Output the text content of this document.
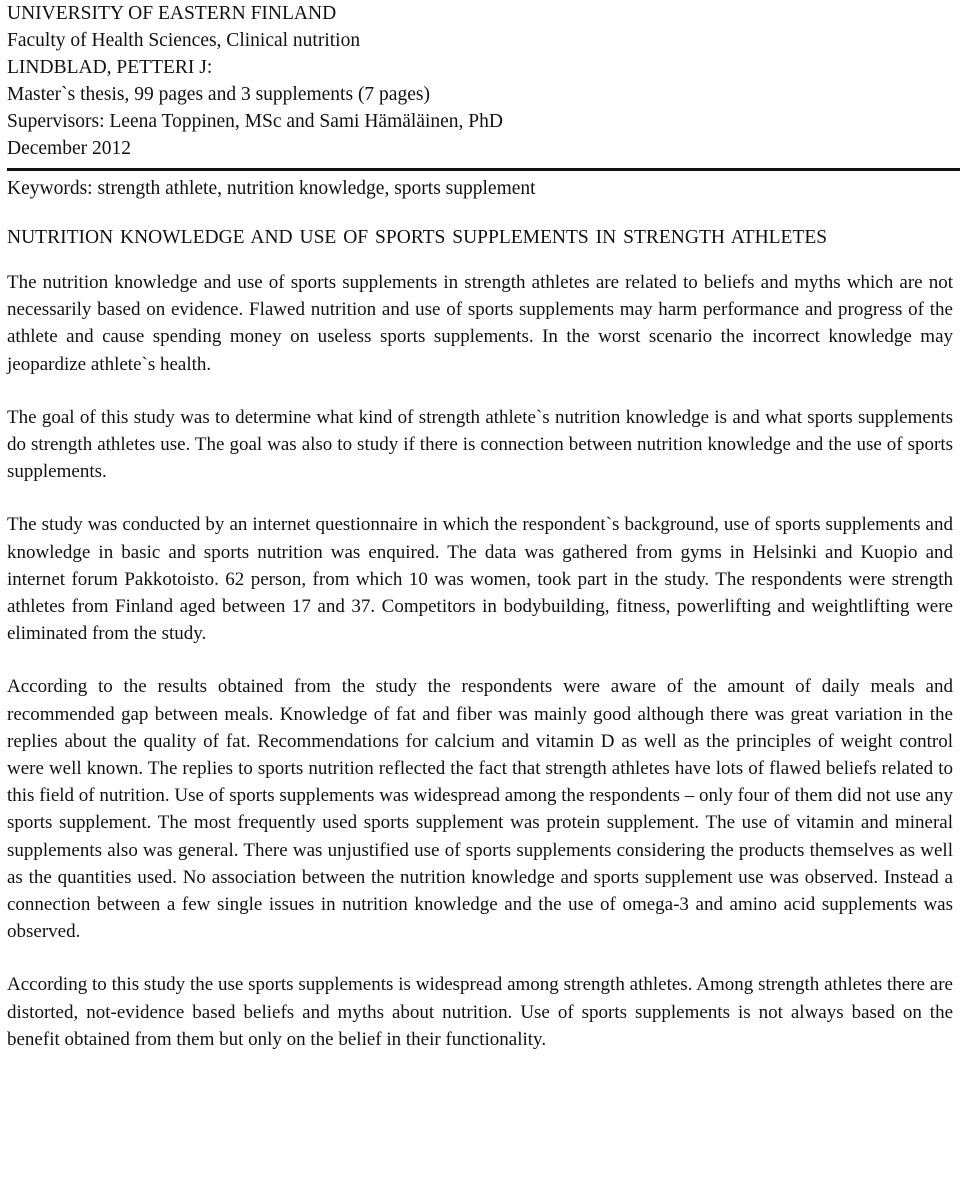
UNIVERSITY OF EASTERN FINLAND

Faculty of Health Sciences, Clinical nutrition

LINDBLAD, PETTERI J:

Master`s thesis, 99 pages and 3 supplements (7 pages)

Supervisors: Leena Toppinen, MSc and Sami Hämäläinen, PhD

December 2012

Keywords: strength athlete, nutrition knowledge, sports supplement

NUTRITION KNOWLEDGE AND USE OF SPORTS SUPPLEMENTS IN STRENGTH ATHLETES

The nutrition knowledge and use of sports supplements in strength athletes are related to beliefs and myths which are not necessarily based on evidence. Flawed nutrition and use of sports supplements may harm performance and progress of the athlete and cause spending money on useless sports supplements. In the worst scenario the incorrect knowledge may jeopardize athlete`s health.

The goal of this study was to determine what kind of strength athlete`s nutrition knowledge is and what sports supplements do strength athletes use. The goal was also to study if there is connection between nutrition knowledge and the use of sports supplements.

The study was conducted by an internet questionnaire in which the respondent`s background, use of sports supplements and knowledge in basic and sports nutrition was enquired. The data was gathered from gyms in Helsinki and Kuopio and internet forum Pakkotoisto. 62 person, from which 10 was women, took part in the study. The respondents were strength athletes from Finland aged between 17 and 37. Competitors in bodybuilding, fitness, powerlifting and weightlifting were eliminated from the study.

According to the results obtained from the study the respondents were aware of the amount of daily meals and recommended gap between meals. Knowledge of fat and fiber was mainly good although there was great variation in the replies about the quality of fat. Recommendations for calcium and vitamin D as well as the principles of weight control were well known. The replies to sports nutrition reflected the fact that strength athletes have lots of flawed beliefs related to this field of nutrition. Use of sports supplements was widespread among the respondents – only four of them did not use any sports supplement. The most frequently used sports supplement was protein supplement. The use of vitamin and mineral supplements also was general. There was unjustified use of sports supplements considering the products themselves as well as the quantities used. No association between the nutrition knowledge and sports supplement use was observed. Instead a connection between a few single issues in nutrition knowledge and the use of omega-3 and amino acid supplements was observed.

According to this study the use sports supplements is widespread among strength athletes. Among strength athletes there are distorted, not-evidence based beliefs and myths about nutrition. Use of sports supplements is not always based on the benefit obtained from them but only on the belief in their functionality.
